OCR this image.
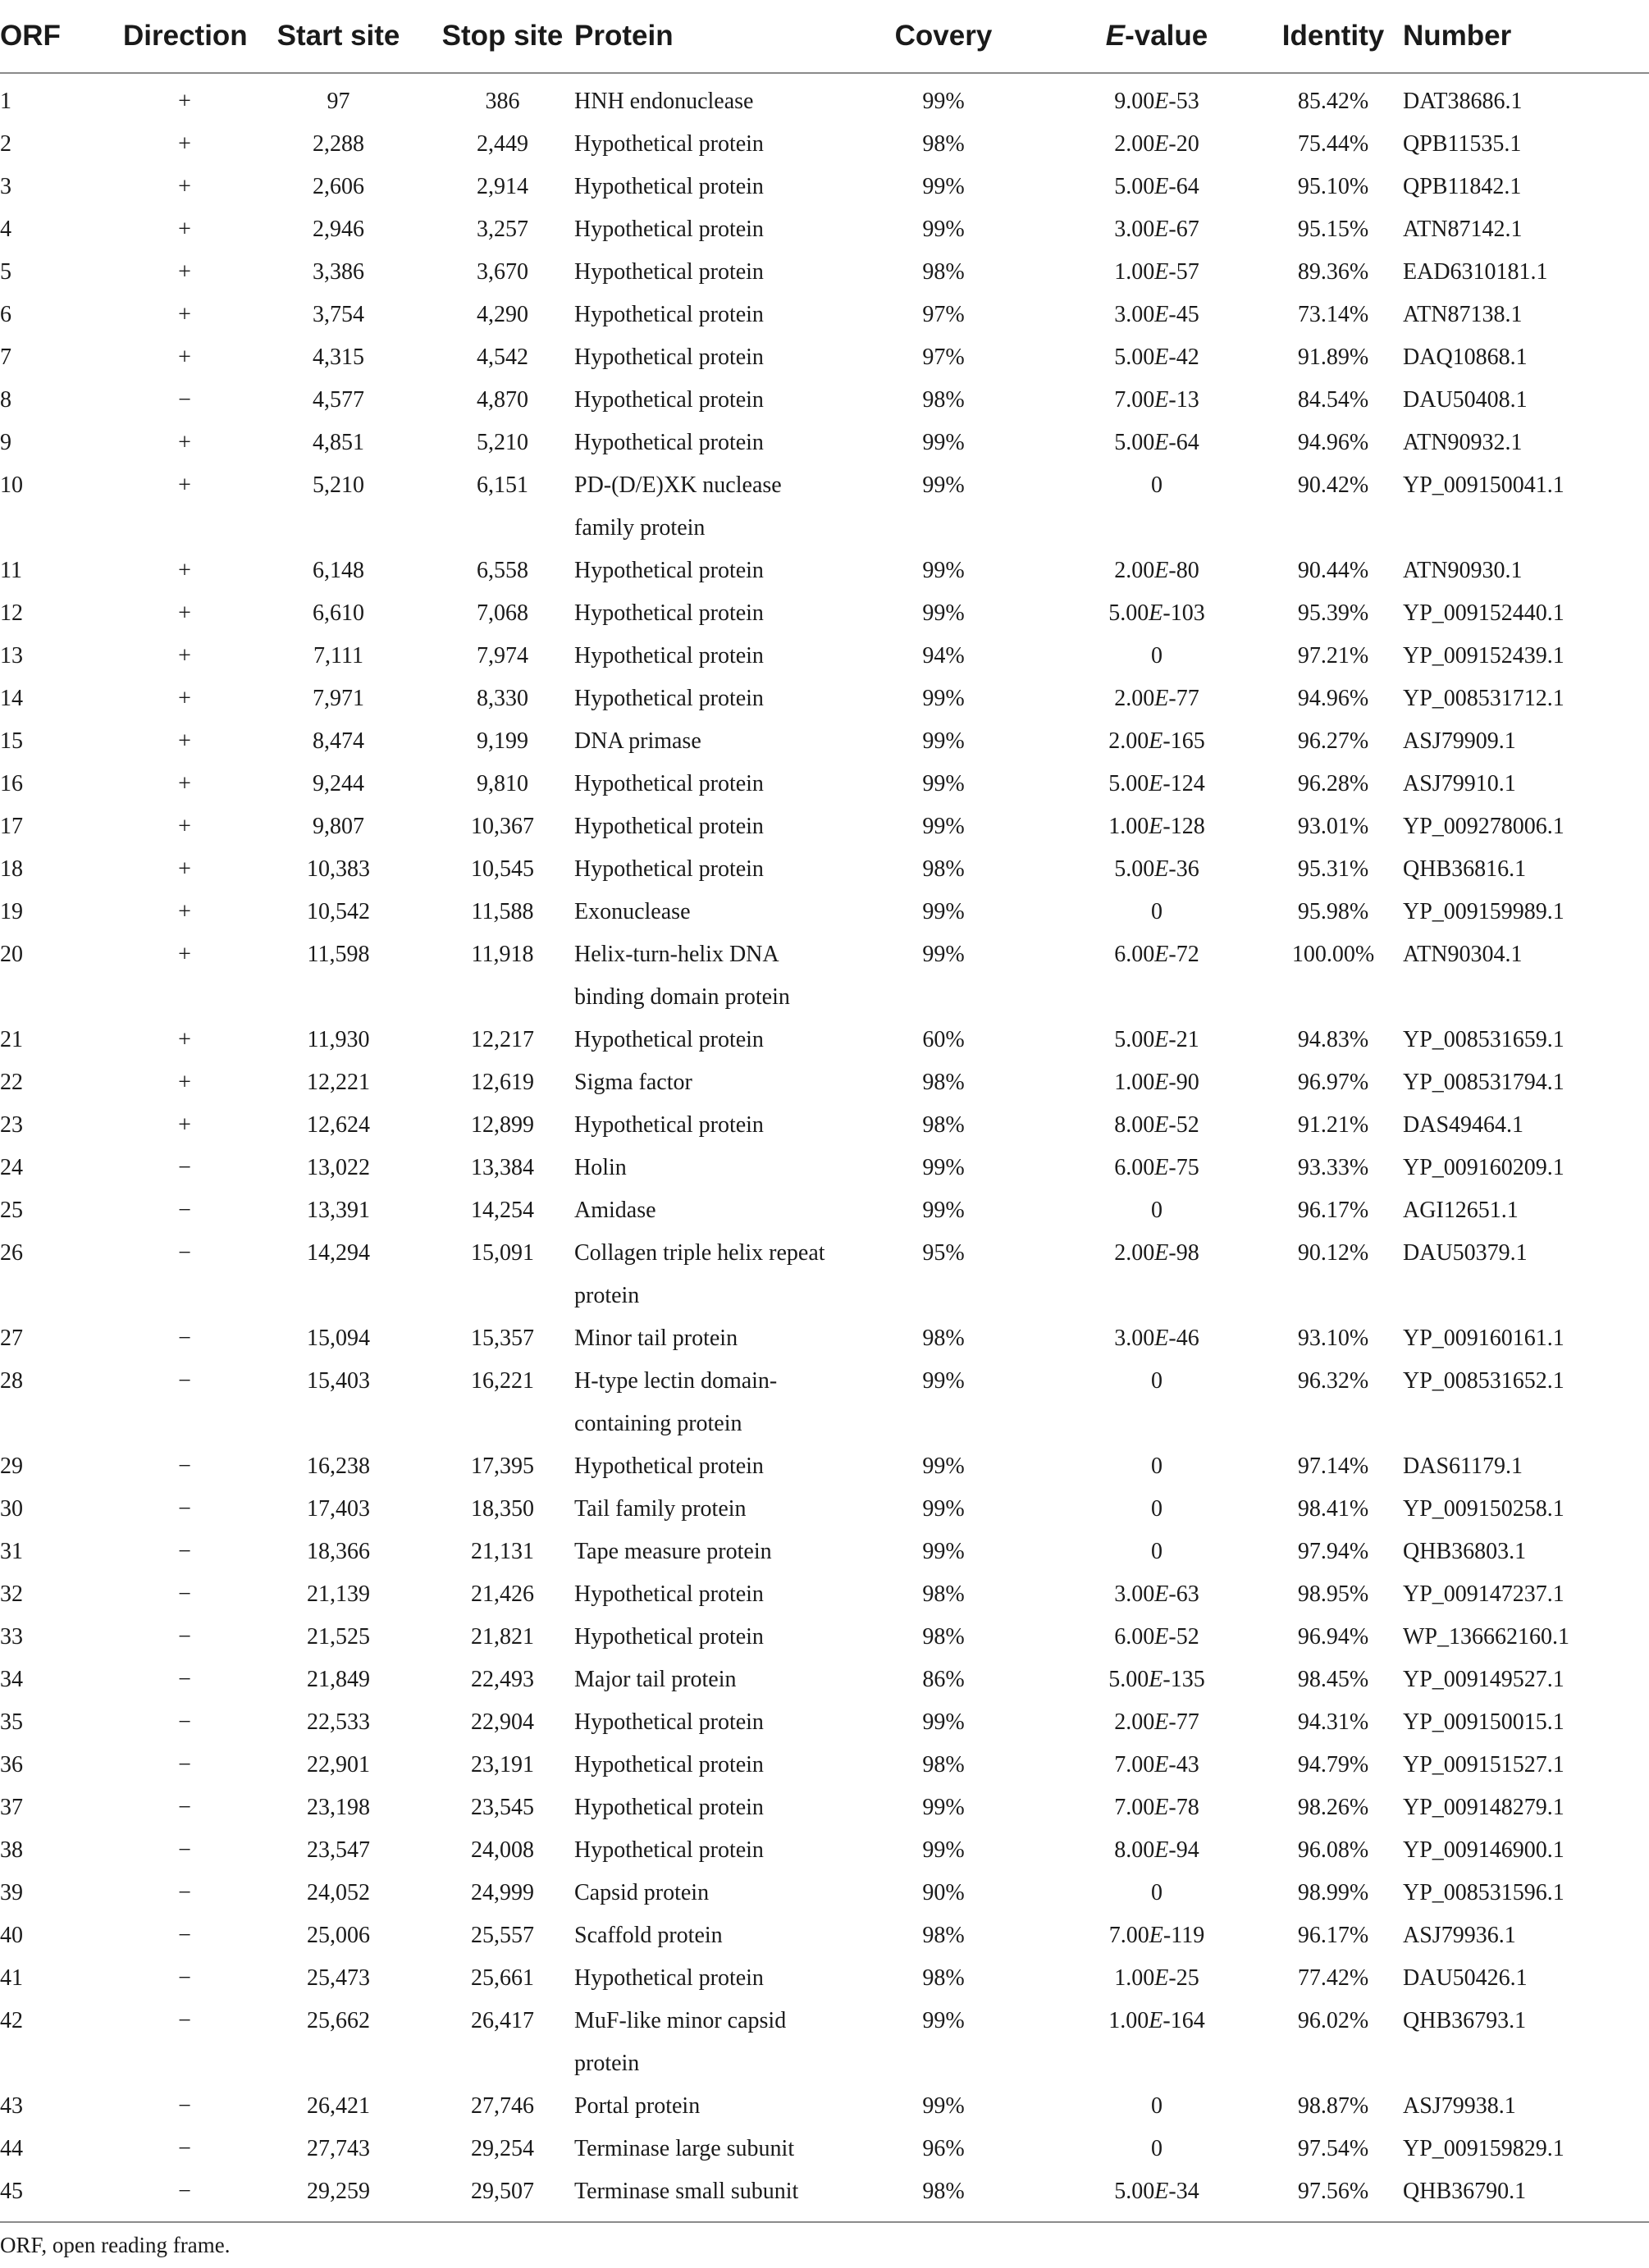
ORF	Direction	Start site	Stop site	Protein	Covery	E-value	Identity	Number
1	+	97	386	HNH endonuclease	99%	9.00E-53	85.42%	DAT38686.1
2	+	2,288	2,449	Hypothetical protein	98%	2.00E-20	75.44%	QPB11535.1
3	+	2,606	2,914	Hypothetical protein	99%	5.00E-64	95.10%	QPB11842.1
4	+	2,946	3,257	Hypothetical protein	99%	3.00E-67	95.15%	ATN87142.1
5	+	3,386	3,670	Hypothetical protein	98%	1.00E-57	89.36%	EAD6310181.1
6	+	3,754	4,290	Hypothetical protein	97%	3.00E-45	73.14%	ATN87138.1
7	+	4,315	4,542	Hypothetical protein	97%	5.00E-42	91.89%	DAQ10868.1
8	−	4,577	4,870	Hypothetical protein	98%	7.00E-13	84.54%	DAU50408.1
9	+	4,851	5,210	Hypothetical protein	99%	5.00E-64	94.96%	ATN90932.1
10	+	5,210	6,151	PD-(D/E)XK nuclease family protein	99%	0	90.42%	YP_009150041.1
11	+	6,148	6,558	Hypothetical protein	99%	2.00E-80	90.44%	ATN90930.1
12	+	6,610	7,068	Hypothetical protein	99%	5.00E-103	95.39%	YP_009152440.1
13	+	7,111	7,974	Hypothetical protein	94%	0	97.21%	YP_009152439.1
14	+	7,971	8,330	Hypothetical protein	99%	2.00E-77	94.96%	YP_008531712.1
15	+	8,474	9,199	DNA primase	99%	2.00E-165	96.27%	ASJ79909.1
16	+	9,244	9,810	Hypothetical protein	99%	5.00E-124	96.28%	ASJ79910.1
17	+	9,807	10,367	Hypothetical protein	99%	1.00E-128	93.01%	YP_009278006.1
18	+	10,383	10,545	Hypothetical protein	98%	5.00E-36	95.31%	QHB36816.1
19	+	10,542	11,588	Exonuclease	99%	0	95.98%	YP_009159989.1
20	+	11,598	11,918	Helix-turn-helix DNA binding domain protein	99%	6.00E-72	100.00%	ATN90304.1
21	+	11,930	12,217	Hypothetical protein	60%	5.00E-21	94.83%	YP_008531659.1
22	+	12,221	12,619	Sigma factor	98%	1.00E-90	96.97%	YP_008531794.1
23	+	12,624	12,899	Hypothetical protein	98%	8.00E-52	91.21%	DAS49464.1
24	−	13,022	13,384	Holin	99%	6.00E-75	93.33%	YP_009160209.1
25	−	13,391	14,254	Amidase	99%	0	96.17%	AGI12651.1
26	−	14,294	15,091	Collagen triple helix repeat protein	95%	2.00E-98	90.12%	DAU50379.1
27	−	15,094	15,357	Minor tail protein	98%	3.00E-46	93.10%	YP_009160161.1
28	−	15,403	16,221	H-type lectin domain-containing protein	99%	0	96.32%	YP_008531652.1
29	−	16,238	17,395	Hypothetical protein	99%	0	97.14%	DAS61179.1
30	−	17,403	18,350	Tail family protein	99%	0	98.41%	YP_009150258.1
31	−	18,366	21,131	Tape measure protein	99%	0	97.94%	QHB36803.1
32	−	21,139	21,426	Hypothetical protein	98%	3.00E-63	98.95%	YP_009147237.1
33	−	21,525	21,821	Hypothetical protein	98%	6.00E-52	96.94%	WP_136662160.1
34	−	21,849	22,493	Major tail protein	86%	5.00E-135	98.45%	YP_009149527.1
35	−	22,533	22,904	Hypothetical protein	99%	2.00E-77	94.31%	YP_009150015.1
36	−	22,901	23,191	Hypothetical protein	98%	7.00E-43	94.79%	YP_009151527.1
37	−	23,198	23,545	Hypothetical protein	99%	7.00E-78	98.26%	YP_009148279.1
38	−	23,547	24,008	Hypothetical protein	99%	8.00E-94	96.08%	YP_009146900.1
39	−	24,052	24,999	Capsid protein	90%	0	98.99%	YP_008531596.1
40	−	25,006	25,557	Scaffold protein	98%	7.00E-119	96.17%	ASJ79936.1
41	−	25,473	25,661	Hypothetical protein	98%	1.00E-25	77.42%	DAU50426.1
42	−	25,662	26,417	MuF-like minor capsid protein	99%	1.00E-164	96.02%	QHB36793.1
43	−	26,421	27,746	Portal protein	99%	0	98.87%	ASJ79938.1
44	−	27,743	29,254	Terminase large subunit	96%	0	97.54%	YP_009159829.1
45	−	29,259	29,507	Terminase small subunit	98%	5.00E-34	97.56%	QHB36790.1
ORF, open reading frame.
